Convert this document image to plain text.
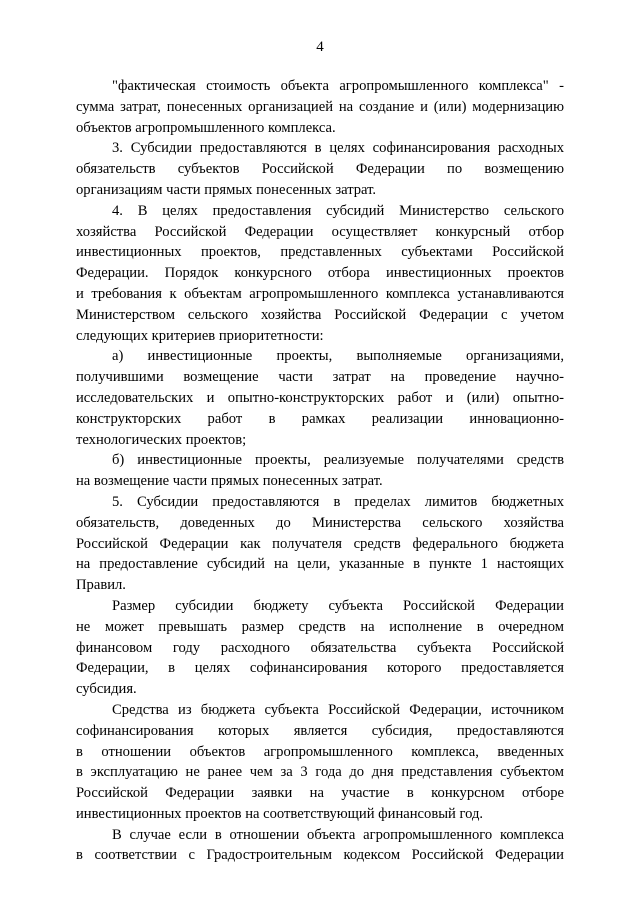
4
"фактическая стоимость объекта агропромышленного комплекса" -
сумма затрат, понесенных организацией на создание и (или) модернизацию
объектов агропромышленного комплекса.
3. Субсидии предоставляются в целях софинансирования расходных
обязательств субъектов Российской Федерации по возмещению
организациям части прямых понесенных затрат.
4. В целях предоставления субсидий Министерство сельского
хозяйства Российской Федерации осуществляет конкурсный отбор
инвестиционных проектов, представленных субъектами Российской
Федерации. Порядок конкурсного отбора инвестиционных проектов
и требования к объектам агропромышленного комплекса устанавливаются
Министерством сельского хозяйства Российской Федерации с учетом
следующих критериев приоритетности:
а) инвестиционные проекты, выполняемые организациями,
получившими возмещение части затрат на проведение научно-
исследовательских и опытно-конструкторских работ и (или) опытно-
конструкторских работ в рамках реализации инновационно-
технологических проектов;
б) инвестиционные проекты, реализуемые получателями средств
на возмещение части прямых понесенных затрат.
5. Субсидии предоставляются в пределах лимитов бюджетных
обязательств, доведенных до Министерства сельского хозяйства
Российской Федерации как получателя средств федерального бюджета
на предоставление субсидий на цели, указанные в пункте 1 настоящих
Правил.
Размер субсидии бюджету субъекта Российской Федерации
не может превышать размер средств на исполнение в очередном
финансовом году расходного обязательства субъекта Российской
Федерации, в целях софинансирования которого предоставляется
субсидия.
Средства из бюджета субъекта Российской Федерации, источником
софинансирования которых является субсидия, предоставляются
в отношении объектов агропромышленного комплекса, введенных
в эксплуатацию не ранее чем за 3 года до дня представления субъектом
Российской Федерации заявки на участие в конкурсном отборе
инвестиционных проектов на соответствующий финансовый год.
В случае если в отношении объекта агропромышленного комплекса
в соответствии с Градостроительным кодексом Российской Федерации
